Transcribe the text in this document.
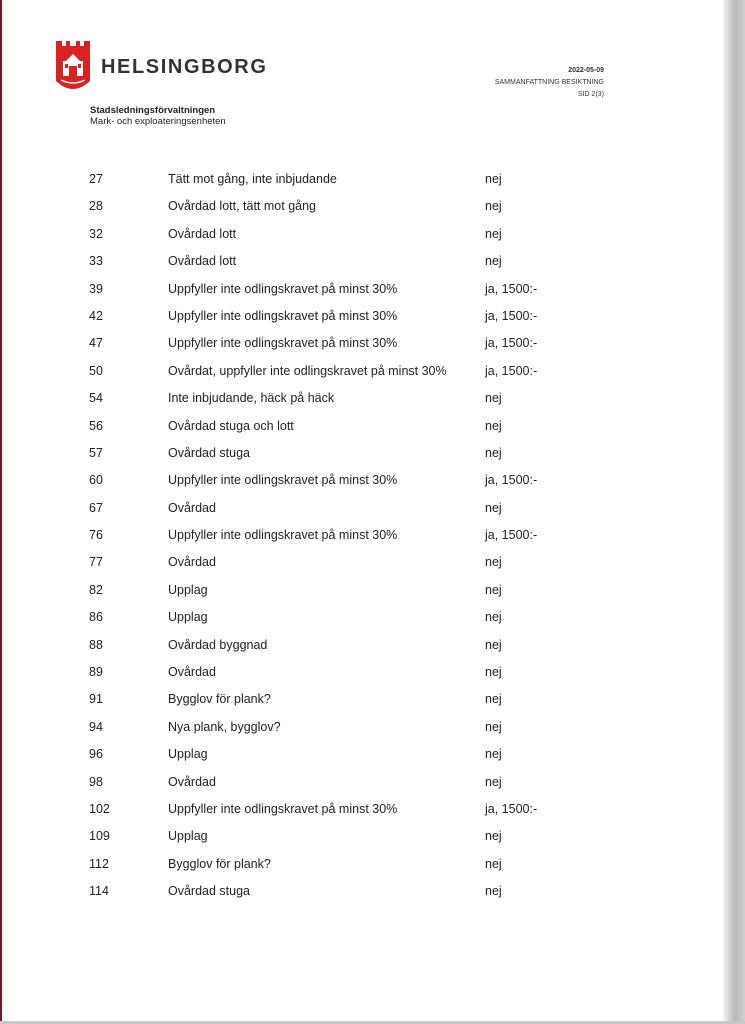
HELSINGBORG
Stadsledningsförvaltningen
Mark- och exploateringsenheten
2022-05-09
SAMMANFATTNING BESIKTNING
SID 2(3)
27	Tätt mot gång, inte inbjudande	nej
28	Ovårdad lott, tätt mot gång	nej
32	Ovårdad lott	nej
33	Ovårdad lott	nej
39	Uppfyller inte odlingskravet på minst 30%	ja, 1500:-
42	Uppfyller inte odlingskravet på minst 30%	ja, 1500:-
47	Uppfyller inte odlingskravet på minst 30%	ja, 1500:-
50	Ovårdat, uppfyller inte odlingskravet på minst 30%	ja, 1500:-
54	Inte inbjudande, häck på häck	nej
56	Ovårdad stuga och lott	nej
57	Ovårdad stuga	nej
60	Uppfyller inte odlingskravet på minst 30%	ja, 1500:-
67	Ovårdad	nej
76	Uppfyller inte odlingskravet på minst 30%	ja, 1500:-
77	Ovårdad	nej
82	Upplag	nej
86	Upplag	nej
88	Ovårdad byggnad	nej
89	Ovårdad	nej
91	Bygglov för plank?	nej
94	Nya plank, bygglov?	nej
96	Upplag	nej
98	Ovårdad	nej
102	Uppfyller inte odlingskravet på minst 30%	ja, 1500:-
109	Upplag	nej
112	Bygglov för plank?	nej
114	Ovårdad stuga	nej
